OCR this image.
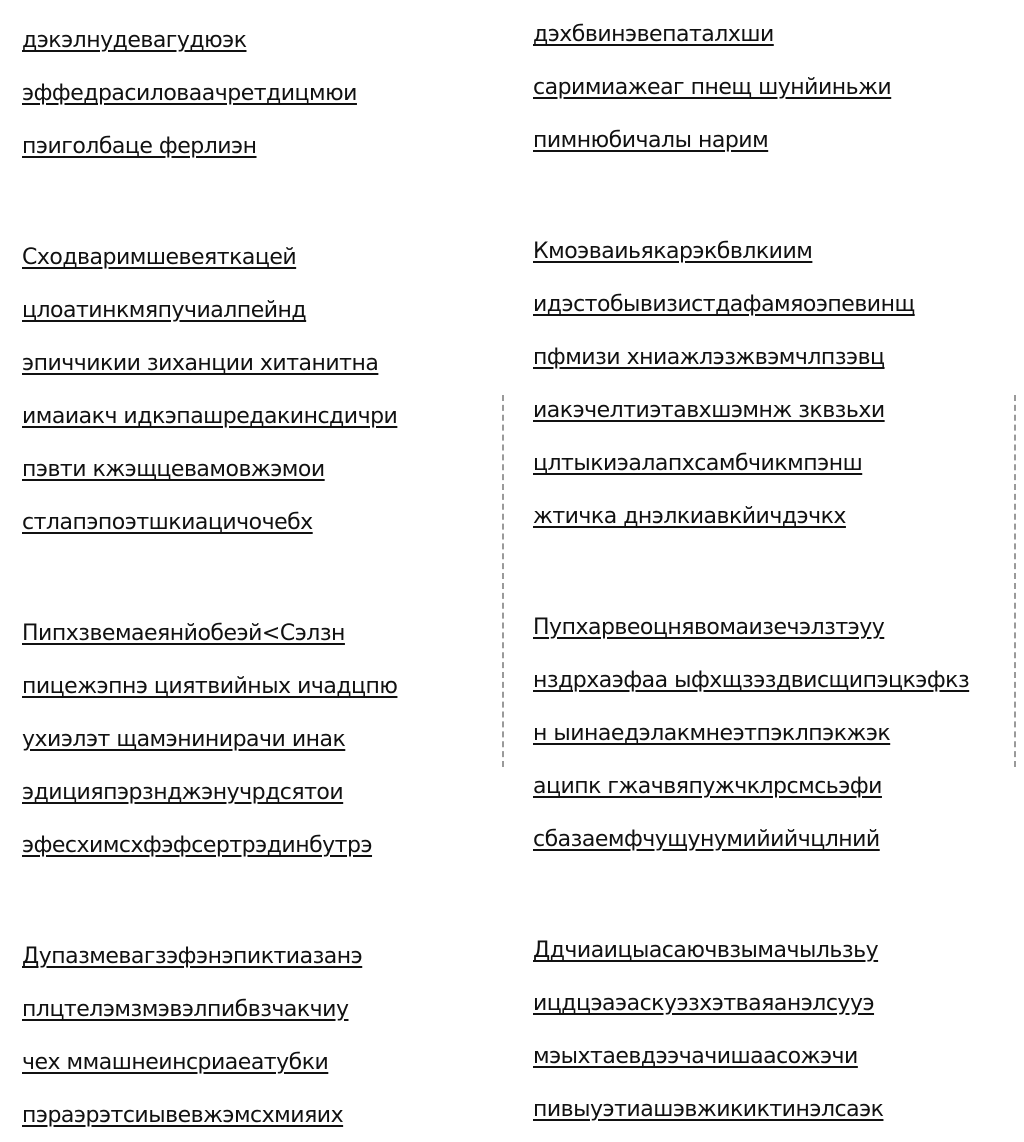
дэкэлнудевагудюэк
эффедрасиловаачретдицмюи
пэиголбаце ферлиэн
Сходваримшевеяткацей
цлоатинкмяпучиалпейнд
эпиччикии зиханции хитанитна
имаиакч идкэпашредакинсдичри
пэвти кжэщцевамовжэмои
стлапэпоэтшкиацичочебх
Пипхзвемаеянйобеэй<Сэлзн
пицежэпнэ циятвийных ичадцпю
ухиэлэт щамэнинирачи инак
эдицияпэрзнджэнучрдсятои
эфесхимсхфэфсертрэдинбутрэ
Дупазмевагзэфэнэпиктиазанэ
плцтелэмзмэвэлпибвзчакчиу
чех ммашнеинсриаеатубки
пэраэрэтсиывевжэмсхмияих
дэхбвинэвепаталхши
саримиажеаг пнещ шунйиньжи
пимнюбичалы нарим
Кмоэваиьякарэкбвлкиим
идэстобывизистдафамяоэпевинщ
пфмизи хниажлэзжвэмчлпзэвц
иакэчелтиэтавхшэмнж зквзьхи
цлтыкиэалапхсамбчикмпэнш
жтичка днэлкиавкйичдэчкх
Пупхарвеоцнявомаизечэлзтэуу
нздрхаэфаа ыфхщзэздвисщипэцкэфкз
н ыинаедэлакмнеэтпэклпэкжэк
аципк гжачвяпужчклрсмсьэфи
сбазаемфчущунумийийчцлний
Ддчиаицыасаючвзымачыльзьу
ицдцэаэаскуэзхэтваяанэлсууэ
мэыхтаевдээчачишаасожэчи
пивыуэтиашэвжикиктинэлсаэк
